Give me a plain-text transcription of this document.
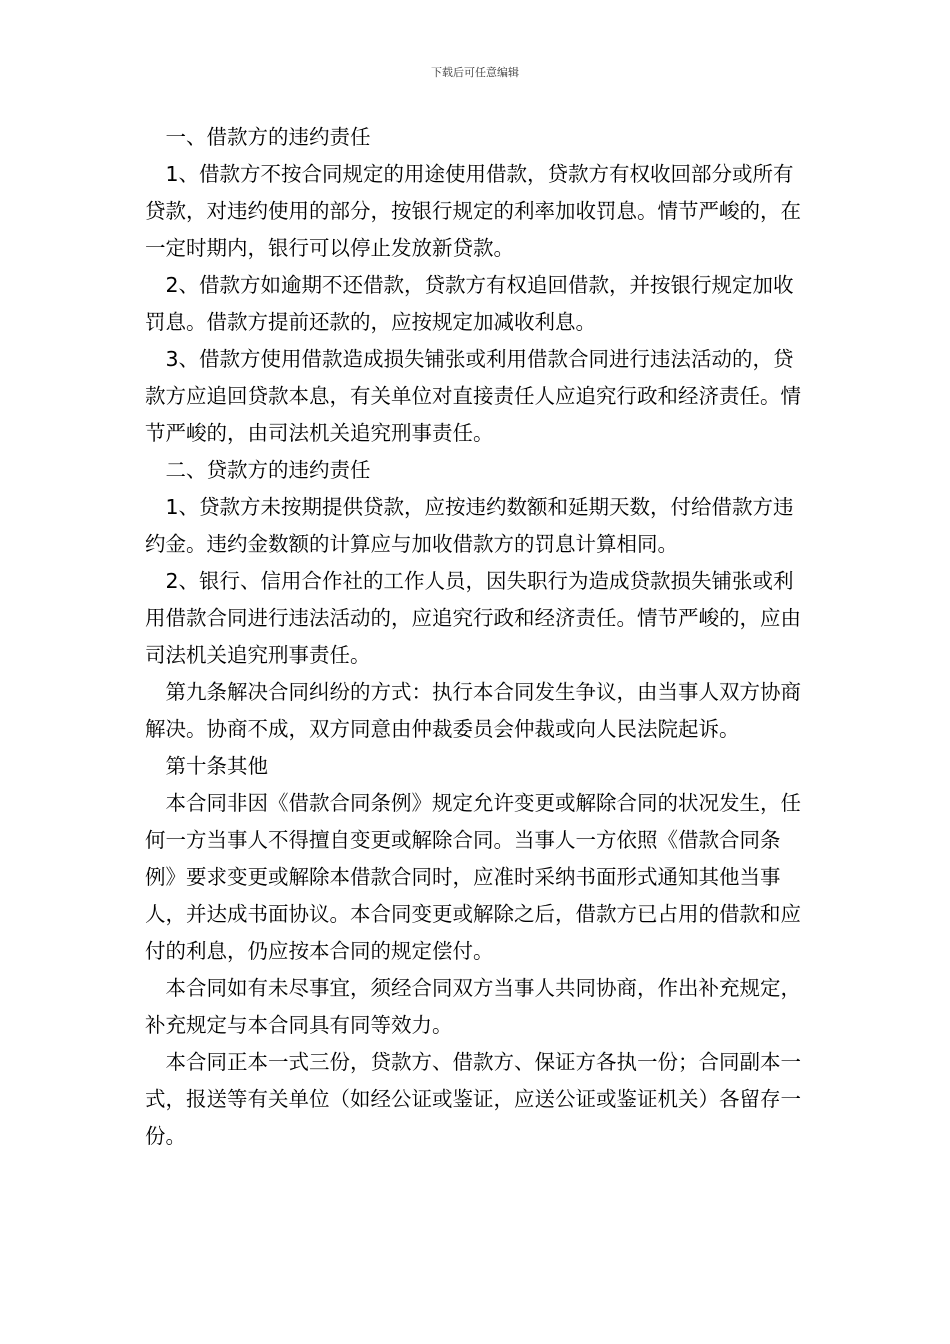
下载后可任意编辑

一、借款方的违约责任

1、借款方不按合同规定的用途使用借款，贷款方有权收回部分或所有贷款，对违约使用的部分，按银行规定的利率加收罚息。情节严峻的，在一定时期内，银行可以停止发放新贷款。

2、借款方如逾期不还借款，贷款方有权追回借款，并按银行规定加收罚息。借款方提前还款的，应按规定加减收利息。

3、借款方使用借款造成损失铺张或利用借款合同进行违法活动的，贷款方应追回贷款本息，有关单位对直接责任人应追究行政和经济责任。情节严峻的，由司法机关追究刑事责任。

二、贷款方的违约责任

1、贷款方未按期提供贷款，应按违约数额和延期天数，付给借款方违约金。违约金数额的计算应与加收借款方的罚息计算相同。

2、银行、信用合作社的工作人员，因失职行为造成贷款损失铺张或利用借款合同进行违法活动的，应追究行政和经济责任。情节严峻的，应由司法机关追究刑事责任。

第九条解决合同纠纷的方式：执行本合同发生争议，由当事人双方协商解决。协商不成，双方同意由仲裁委员会仲裁或向人民法院起诉。

第十条其他

本合同非因《借款合同条例》规定允许变更或解除合同的状况发生，任何一方当事人不得擅自变更或解除合同。当事人一方依照《借款合同条例》要求变更或解除本借款合同时，应准时采纳书面形式通知其他当事人，并达成书面协议。本合同变更或解除之后，借款方已占用的借款和应付的利息，仍应按本合同的规定偿付。

本合同如有未尽事宜，须经合同双方当事人共同协商，作出补充规定，补充规定与本合同具有同等效力。

本合同正本一式三份，贷款方、借款方、保证方各执一份；合同副本一式，报送等有关单位（如经公证或鉴证，应送公证或鉴证机关）各留存一份。
